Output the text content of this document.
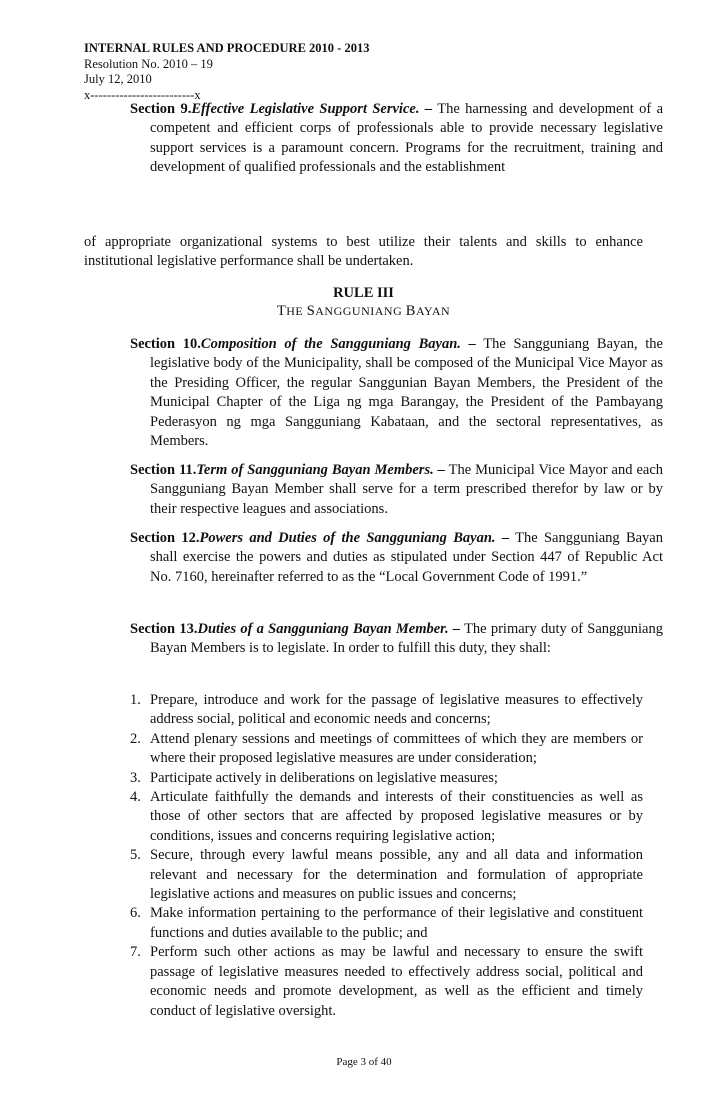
INTERNAL RULES AND PROCEDURE 2010 - 2013
Resolution No. 2010 – 19
July 12, 2010
x-------------------------x

Section 9.Effective Legislative Support Service. – The harnessing and development of a competent and efficient corps of professionals able to provide necessary legislative support services is a paramount concern. Programs for the recruitment, training and development of qualified professionals and the establishment

of appropriate organizational systems to best utilize their talents and skills to enhance institutional legislative performance shall be undertaken.

RULE III
THE SANGGUNIANG BAYAN

Section 10.Composition of the Sangguniang Bayan. – The Sangguniang Bayan, the legislative body of the Municipality, shall be composed of the Municipal Vice Mayor as the Presiding Officer, the regular Sanggunian Bayan Members, the President of the Municipal Chapter of the Liga ng mga Barangay, the President of the Pambayang Pederasyon ng mga Sangguniang Kabataan, and the sectoral representatives, as Members.

Section 11.Term of Sangguniang Bayan Members. – The Municipal Vice Mayor and each Sangguniang Bayan Member shall serve for a term prescribed therefor by law or by their respective leagues and associations.

Section 12.Powers and Duties of the Sangguniang Bayan. – The Sangguniang Bayan shall exercise the powers and duties as stipulated under Section 447 of Republic Act No. 7160, hereinafter referred to as the “Local Government Code of 1991.”

Section 13.Duties of a Sangguniang Bayan Member. – The primary duty of Sangguniang Bayan Members is to legislate. In order to fulfill this duty, they shall:

1. Prepare, introduce and work for the passage of legislative measures to effectively address social, political and economic needs and concerns;
2. Attend plenary sessions and meetings of committees of which they are members or where their proposed legislative measures are under consideration;
3. Participate actively in deliberations on legislative measures;
4. Articulate faithfully the demands and interests of their constituencies as well as those of other sectors that are affected by proposed legislative measures or by conditions, issues and concerns requiring legislative action;
5. Secure, through every lawful means possible, any and all data and information relevant and necessary for the determination and formulation of appropriate legislative actions and measures on public issues and concerns;
6. Make information pertaining to the performance of their legislative and constituent functions and duties available to the public; and
7. Perform such other actions as may be lawful and necessary to ensure the swift passage of legislative measures needed to effectively address social, political and economic needs and promote development, as well as the efficient and timely conduct of legislative oversight.
Page 3 of 40
